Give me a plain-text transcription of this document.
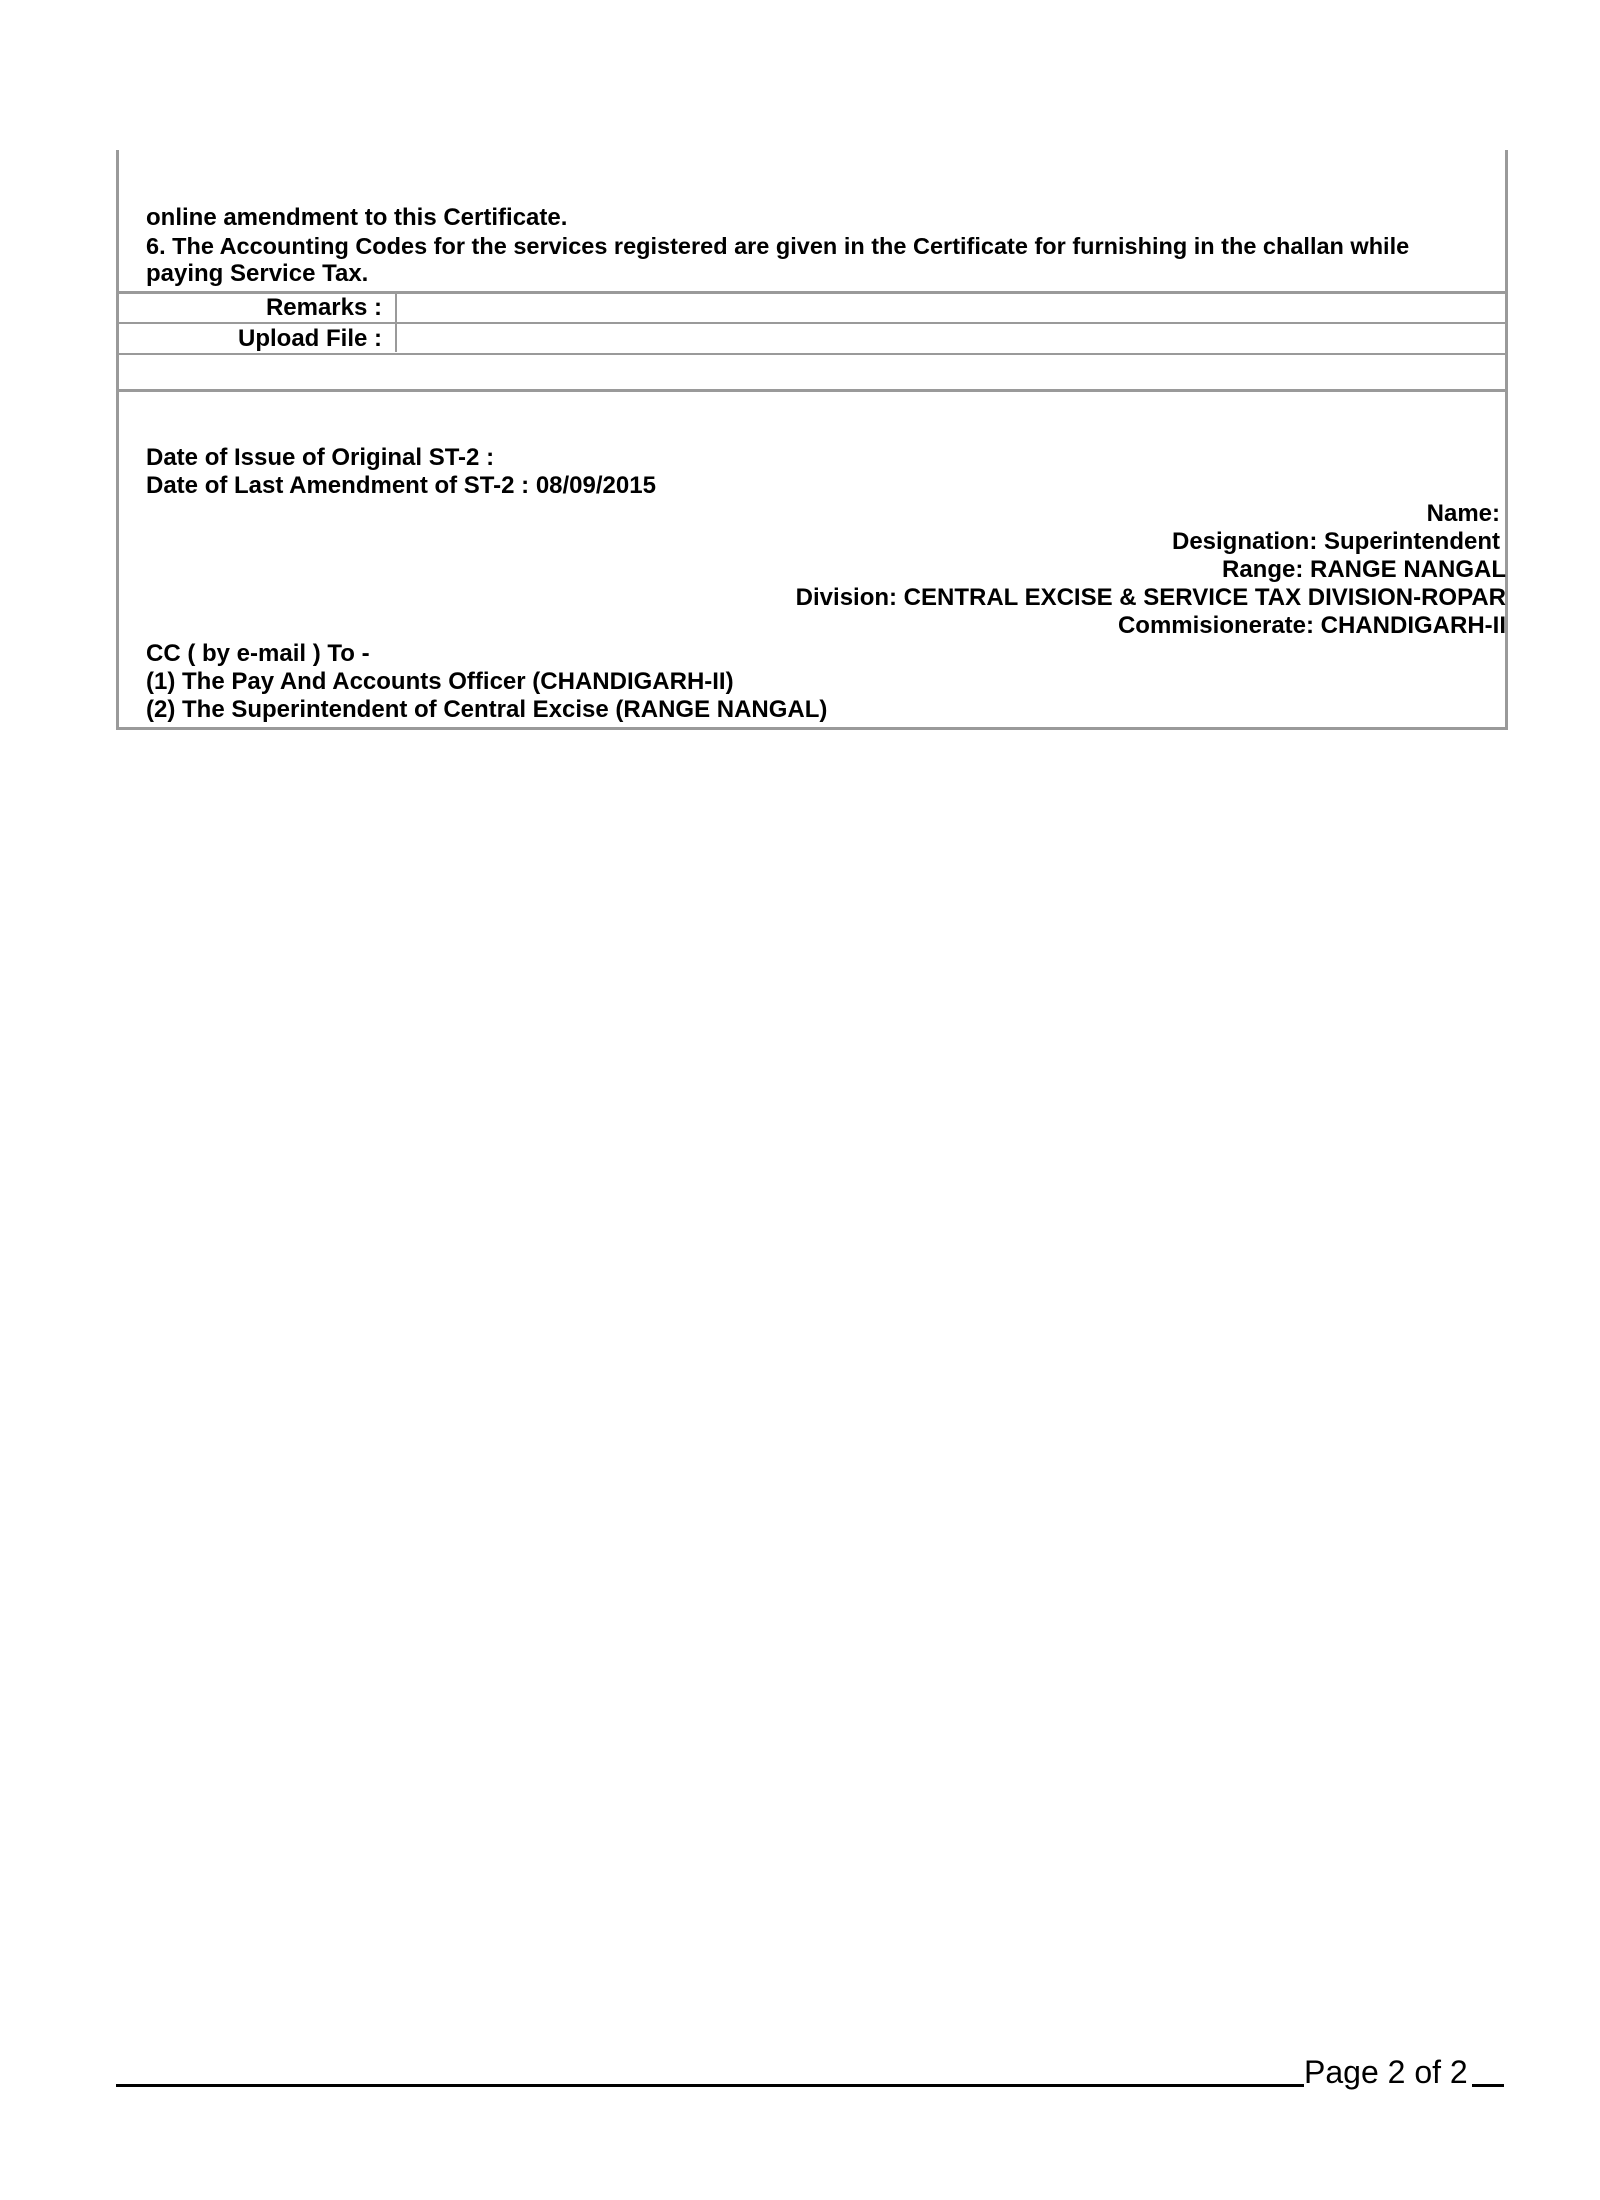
online amendment to this Certificate.
6. The Accounting Codes for the services registered are given in the Certificate for furnishing in the challan while
paying Service Tax.
Remarks :
Upload File :
Date of Issue of Original ST-2 :
Date of Last Amendment of ST-2 : 08/09/2015
Name:
Designation: Superintendent
Range: RANGE NANGAL
Division: CENTRAL EXCISE & SERVICE TAX DIVISION-ROPAR
Commisionerate: CHANDIGARH-II
CC ( by e-mail ) To -
(1) The Pay And Accounts Officer (CHANDIGARH-II)
(2) The Superintendent of Central Excise (RANGE NANGAL)
Page 2 of 2
